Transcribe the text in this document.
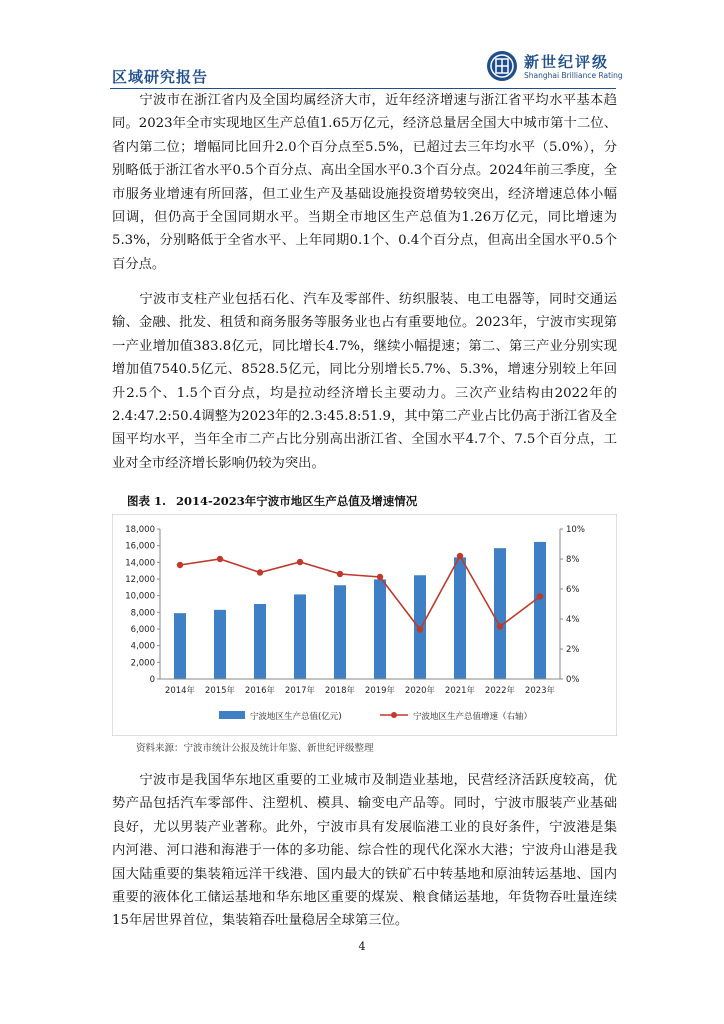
区域研究报告
新世纪评级
Shanghai Brilliance Rating

宁波市在浙江省内及全国均属经济大市，近年经济增速与浙江省平均水平基本趋同。2023年全市实现地区生产总值1.65万亿元，经济总量居全国大中城市第十二位、省内第二位；增幅同比回升2.0个百分点至5.5%，已超过去三年均水平（5.0%），分别略低于浙江省水平0.5个百分点、高出全国水平0.3个百分点。2024年前三季度，全市服务业增速有所回落，但工业生产及基础设施投资增势较突出，经济增速总体小幅回调，但仍高于全国同期水平。当期全市地区生产总值为1.26万亿元，同比增速为5.3%，分别略低于全省水平、上年同期0.1个、0.4个百分点，但高出全国水平0.5个百分点。

宁波市支柱产业包括石化、汽车及零部件、纺织服装、电工电器等，同时交通运输、金融、批发、租赁和商务服务等服务业也占有重要地位。2023年，宁波市实现第一产业增加值383.8亿元，同比增长4.7%，继续小幅提速；第二、第三产业分别实现增加值7540.5亿元、8528.5亿元，同比分别增长5.7%、5.3%，增速分别较上年回升2.5个、1.5个百分点，均是拉动经济增长主要动力。三次产业结构由2022年的2.4:47.2:50.4调整为2023年的2.3:45.8:51.9，其中第二产业占比仍高于浙江省及全国平均水平，当年全市二产占比分别高出浙江省、全国水平4.7个、7.5个百分点，工业对全市经济增长影响仍较为突出。

图表 1. 2014-2023年宁波市地区生产总值及增速情况
0
2,000
4,000
6,000
8,000
10,000
12,000
14,000
16,000
18,000
0%
2%
4%
6%
8%
10%
2014年 2015年 2016年 2017年 2018年 2019年 2020年 2021年 2022年 2023年
宁波地区生产总值(亿元)	宁波地区生产总值增速（右轴）
资料来源：宁波市统计公报及统计年鉴、新世纪评级整理

宁波市是我国华东地区重要的工业城市及制造业基地，民营经济活跃度较高，优势产品包括汽车零部件、注塑机、模具、输变电产品等。同时，宁波市服装产业基础良好，尤以男装产业著称。此外，宁波市具有发展临港工业的良好条件，宁波港是集内河港、河口港和海港于一体的多功能、综合性的现代化深水大港；宁波舟山港是我国大陆重要的集装箱远洋干线港、国内最大的铁矿石中转基地和原油转运基地、国内重要的液体化工储运基地和华东地区重要的煤炭、粮食储运基地，年货物吞吐量连续15年居世界首位，集装箱吞吐量稳居全球第三位。

4
